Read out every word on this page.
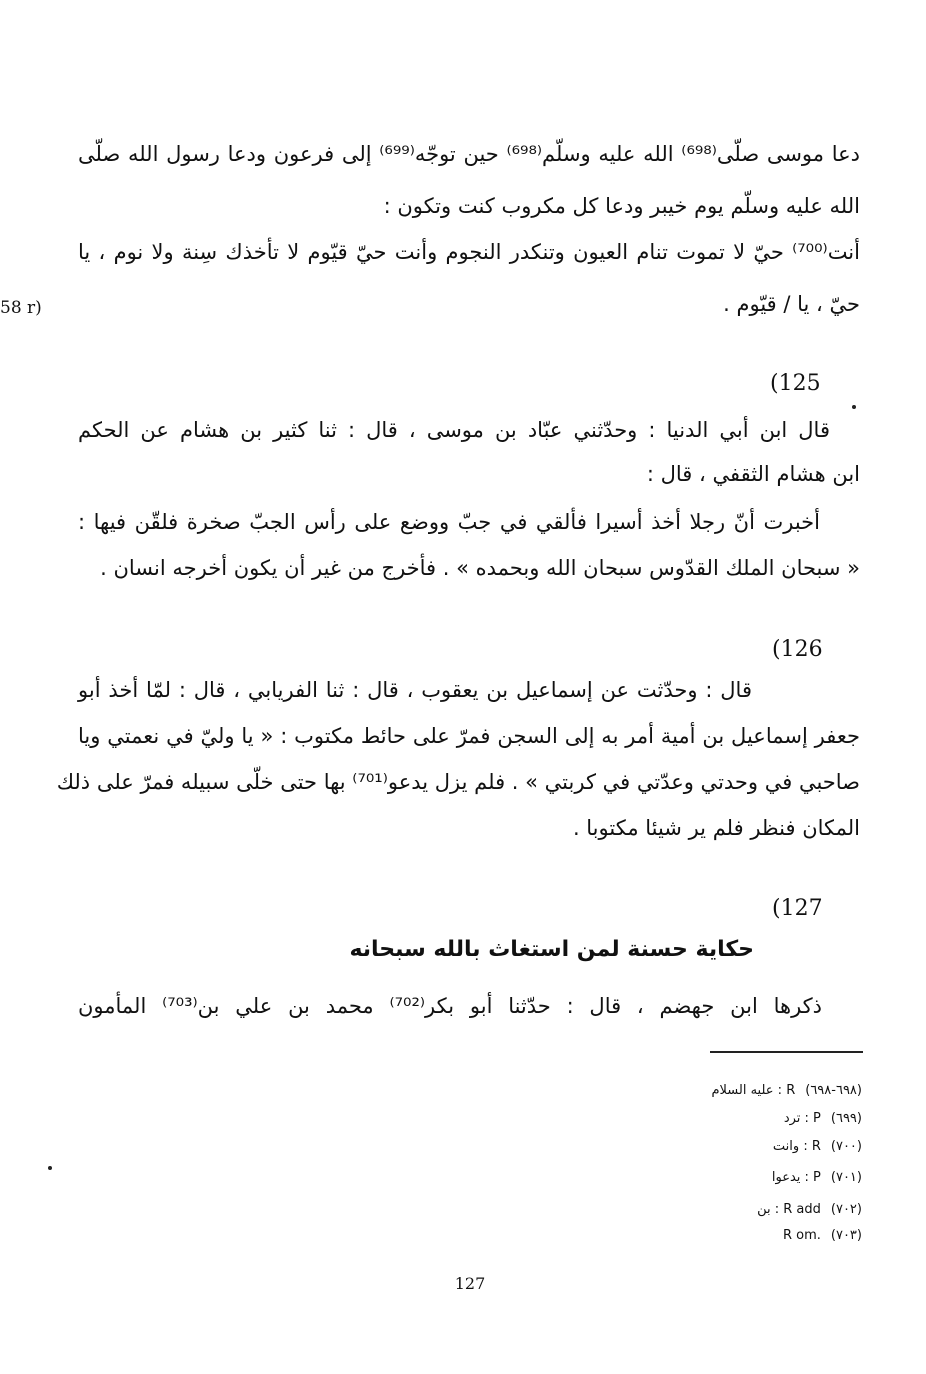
58 r)
دعا موسى صلّى⁽⁶⁹⁸⁾ الله عليه وسلّم⁽⁶⁹⁸⁾ حين توجّه⁽⁶⁹⁹⁾ إلى فرعون ودعا رسول الله صلّى
الله عليه وسلّم يوم خيبر ودعا كل مكروب كنت وتكون :
أنت⁽⁷⁰⁰⁾ حيّ لا تموت تنام العيون وتنكدر النجوم وأنت حيّ قيّوم لا تأخذك سِنة ولا نوم ، يا
حيّ ، يا / قيّوم .
(125
قال ابن أبي الدنيا : وحدّثني عبّاد بن موسى ، قال : ثنا كثير بن هشام عن الحكم
ابن هشام الثقفي ، قال :
أخبرت أنّ رجلا أخذ أسيرا فألقي في جبّ ووضع على رأس الجبّ صخرة فلقّن فيها :
« سبحان الملك القدّوس سبحان الله وبحمده » . فأخرج من غير أن يكون أخرجه انسان .
(126
قال : وحدّثت عن إسماعيل بن يعقوب ، قال : ثنا الفريابي ، قال : لمّا أخذ أبو
جعفر إسماعيل بن أمية أمر به إلى السجن فمرّ على حائط مكتوب : « يا وليّ في نعمتي ويا
صاحبي في وحدتي وعدّتي في كربتي » . فلم يزل يدعو⁽⁷⁰¹⁾ بها حتى خلّى سبيله فمرّ على ذلك
المكان فنظر فلم ير شيئا مكتوبا .
(127
حكاية حسنة لمن استغاث بالله سبحانه
ذكرها ابن جهضم ، قال : حدّثنا أبو بكر⁽⁷⁰²⁾ محمد بن علي بن⁽⁷⁰³⁾ المأمون
(٦٩٨-٦٩٨)عليه السلام : R
(٦٩٩)ترد : P
(٧٠٠)وانت : R
(٧٠١)يدعوا : P
(٧٠٢)بن : R add
(٧٠٣)R om.
127
